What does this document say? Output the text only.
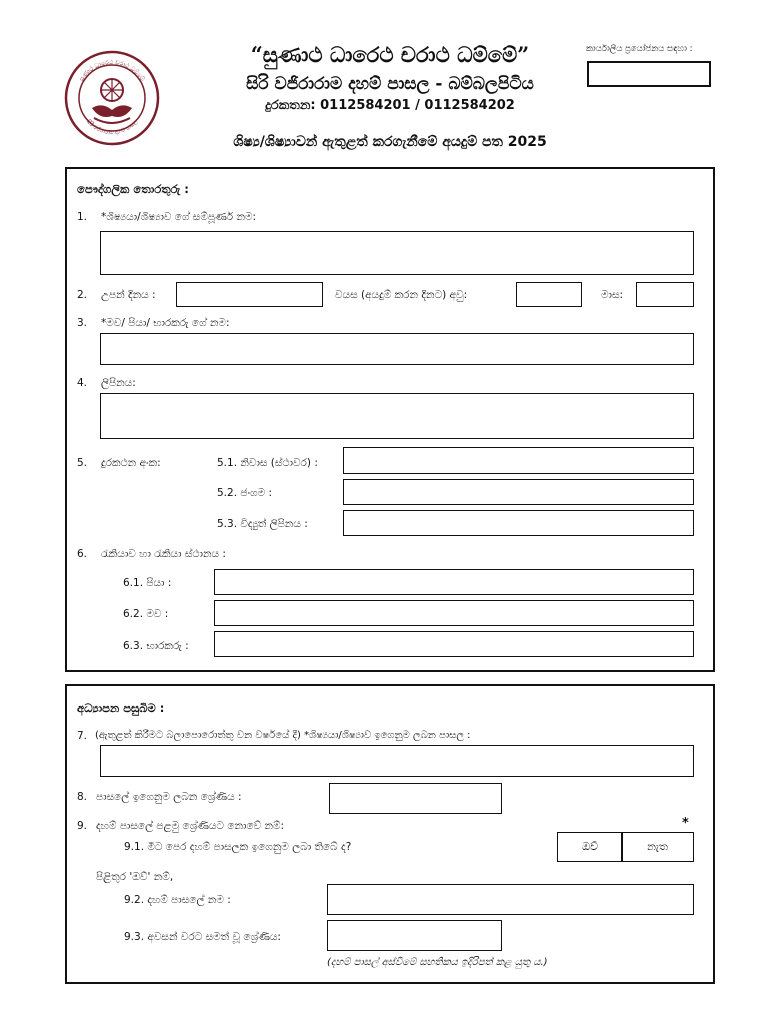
සුණාථ ධාරෙථ චරාථ ධම්මේ
සිරි වජිරාරාම දහම් පාසල
“සුණාථ ධාරෙථ චරාථ ධම්මේ”
සිරි වජිරාරාම දහම් පාසල - බම්බලපිටිය
දුරකතන: 0112584201 / 0112584202
කාර්යාලීය ප්‍රයෝජනය සඳහා :
ශිෂ්‍ය/ශිෂ්‍යාවන් ඇතුළත් කරගැනීමේ අයදුම් පත 2025
පෞද්ගලික තොරතුරු :
1. *ශිෂ්‍යයා/ශිෂ්‍යාව ගේ සම්පූර්ණ නම:
2. උපන් දිනය :	වයස (අයදුම් කරන දිනට) අවු:	මාස:
3. *මව/ පියා/ භාරකරු ගේ නම:
4. ලිපිනය:
5. දුරකථන අංක:	5.1. නිවාස (ස්ථාවර) :
5.2. ජංගම :
5.3. විද්‍යුත් ලිපිනය :
6. රැකියාව හා රැකියා ස්ථානය :
6.1. පියා :
6.2. මව :
6.3. භාරකරු :
අධ්‍යාපන පසුබිම :
7. (ඇතුළත් කිරීමට බලාපොරොත්තු වන වර්ෂයේ දී) *ශිෂ්‍යයා/ශිෂ්‍යාව ඉගෙනුම ලබන පාසල :
8. පාසලේ ඉගෙනුම ලබන ශ්‍රේණිය :
9. දහම් පාසලේ පළමු ශ්‍රේණියට නොවේ නම්:	*
9.1. මීට පෙර දහම් පාසලක ඉගෙනුම ලබා තිබේ ද?	ඔව්	නැත
පිළිතුර 'ඔව්' නම්,
9.2. දහම් පාසලේ නම :
9.3. අවසන් වරට සමත් වූ ශ්‍රේණිය:
(දහම් පාසල් අස්වීමේ සහතිකය ඉදිරිපත් කළ යුතු ය.)
